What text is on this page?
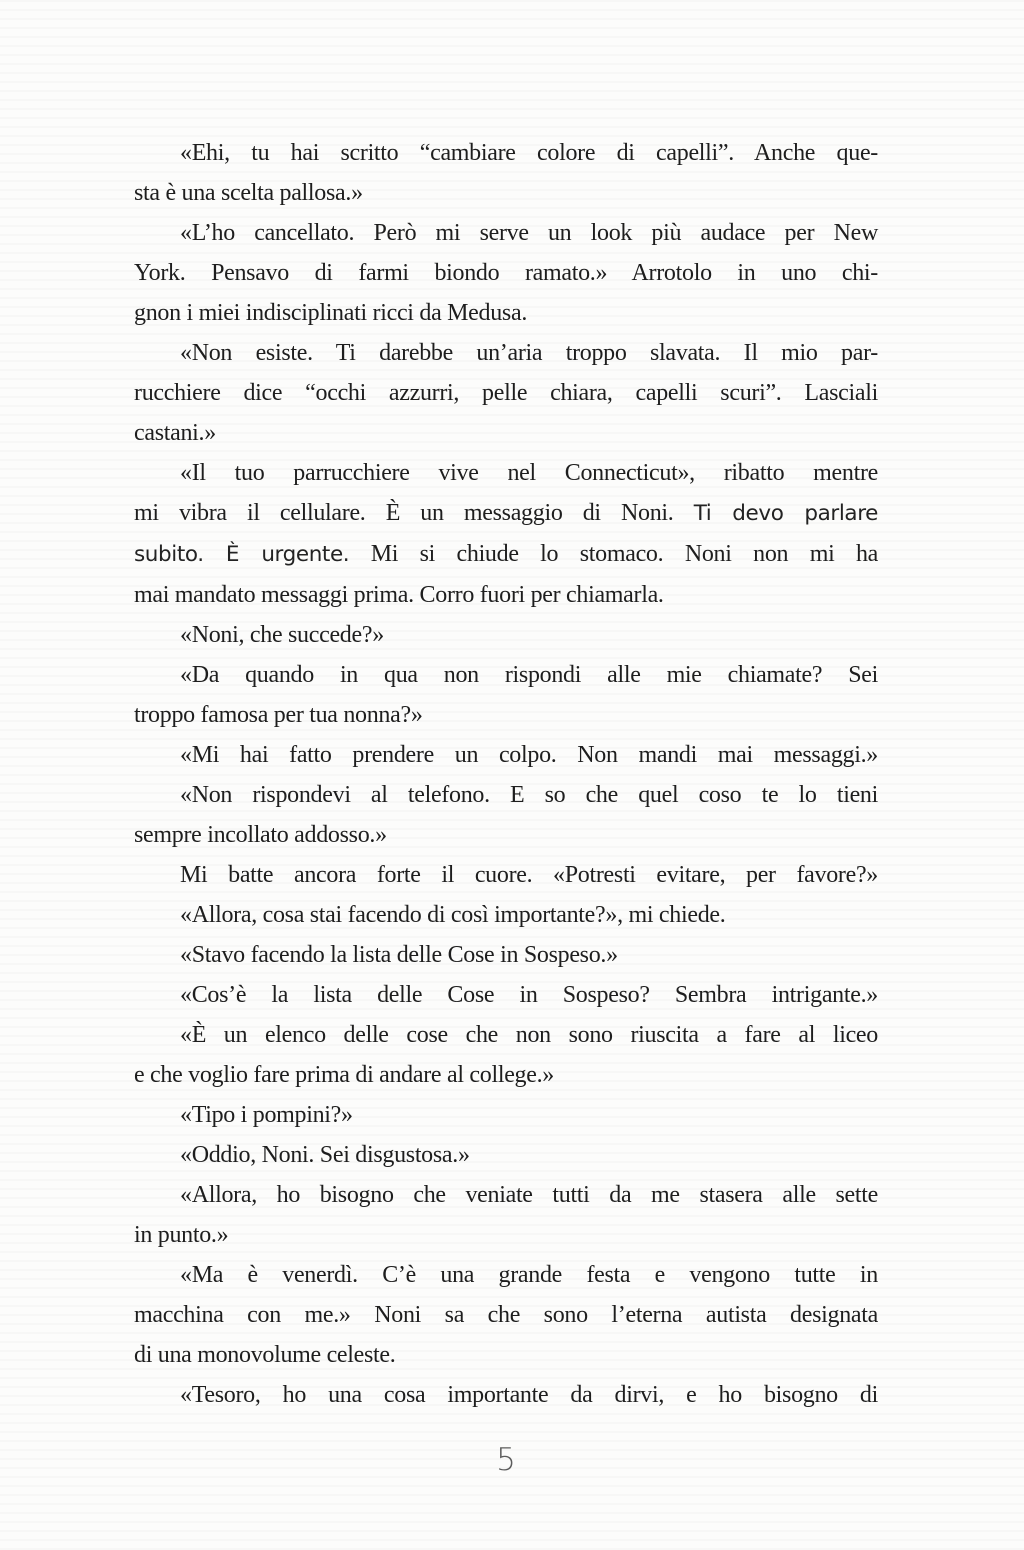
«Ehi, tu hai scritto “cambiare colore di capelli”. Anche que-
sta è una scelta pallosa.»

«L’ho cancellato. Però mi serve un look più audace per New
York. Pensavo di farmi biondo ramato.» Arrotolo in uno chi-
gnon i miei indisciplinati ricci da Medusa.

«Non esiste. Ti darebbe un’aria troppo slavata. Il mio par-
rucchiere dice “occhi azzurri, pelle chiara, capelli scuri”. Lasciali
castani.»

«Il tuo parrucchiere vive nel Connecticut», ribatto mentre
mi vibra il cellulare. È un messaggio di Noni. Ti devo parlare
subito. È urgente. Mi si chiude lo stomaco. Noni non mi ha
mai mandato messaggi prima. Corro fuori per chiamarla.

«Noni, che succede?»

«Da quando in qua non rispondi alle mie chiamate? Sei
troppo famosa per tua nonna?»

«Mi hai fatto prendere un colpo. Non mandi mai messaggi.»

«Non rispondevi al telefono. E so che quel coso te lo tieni
sempre incollato addosso.»

Mi batte ancora forte il cuore. «Potresti evitare, per favore?»

«Allora, cosa stai facendo di così importante?», mi chiede.

«Stavo facendo la lista delle Cose in Sospeso.»

«Cos’è la lista delle Cose in Sospeso? Sembra intrigante.»

«È un elenco delle cose che non sono riuscita a fare al liceo
e che voglio fare prima di andare al college.»

«Tipo i pompini?»

«Oddio, Noni. Sei disgustosa.»

«Allora, ho bisogno che veniate tutti da me stasera alle sette
in punto.»

«Ma è venerdì. C’è una grande festa e vengono tutte in
macchina con me.» Noni sa che sono l’eterna autista designata
di una monovolume celeste.

«Tesoro, ho una cosa importante da dirvi, e ho bisogno di

5
